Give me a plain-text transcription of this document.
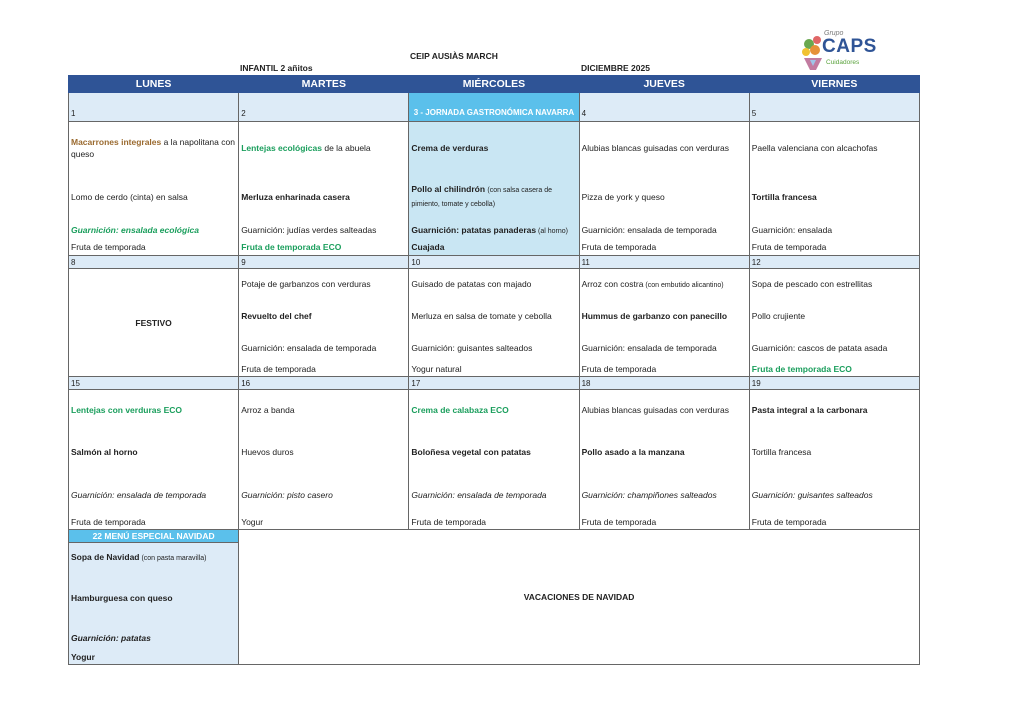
CEIP AUSIÀS MARCH
INFANTIL 2 añitos	DICIEMBRE 2025
Grupo
CAPS
Cuidadores
LUNES	MARTES	MIÉRCOLES	JUEVES	VIERNES
1	2	3 - JORNADA GASTRONÓMICA NAVARRA	4	5
Macarrones integrales a la napolitana con queso	Lentejas ecológicas de la abuela	Crema de verduras	Alubias blancas guisadas con verduras	Paella valenciana con alcachofas
Lomo de cerdo (cinta) en salsa	Merluza enharinada casera	Pollo al chilindrón (con salsa casera de pimiento, tomate y cebolla)	Pizza de york y queso	Tortilla francesa
Guarnición: ensalada ecológica	Guarnición: judías verdes salteadas	Guarnición: patatas panaderas (al horno)	Guarnición: ensalada de temporada	Guarnición: ensalada
Fruta de temporada	Fruta de temporada ECO	Cuajada	Fruta de temporada	Fruta de temporada
8	9	10	11	12
FESTIVO	Potaje de garbanzos con verduras	Guisado de patatas con majado	Arroz con costra (con embutido alicantino)	Sopa de pescado con estrellitas
	Revuelto del chef	Merluza en salsa de tomate y cebolla	Hummus de garbanzo con panecillo	Pollo crujiente
	Guarnición: ensalada de temporada	Guarnición: guisantes salteados	Guarnición: ensalada de temporada	Guarnición: cascos de patata asada
	Fruta de temporada	Yogur natural	Fruta de temporada	Fruta de temporada ECO
15	16	17	18	19
Lentejas con verduras ECO	Arroz a banda	Crema de calabaza ECO	Alubias blancas guisadas con verduras	Pasta integral a la carbonara
Salmón al horno	Huevos duros	Boloñesa vegetal con patatas	Pollo asado a la manzana	Tortilla francesa
Guarnición: ensalada de temporada	Guarnición: pisto casero	Guarnición: ensalada de temporada	Guarnición: champiñones salteados	Guarnición: guisantes salteados
Fruta de temporada	Yogur	Fruta de temporada	Fruta de temporada	Fruta de temporada
22 MENÚ ESPECIAL NAVIDAD	VACACIONES DE NAVIDAD			
Sopa de Navidad (con pasta maravilla)				
Hamburguesa con queso				
Guarnición: patatas				
Yogur				
